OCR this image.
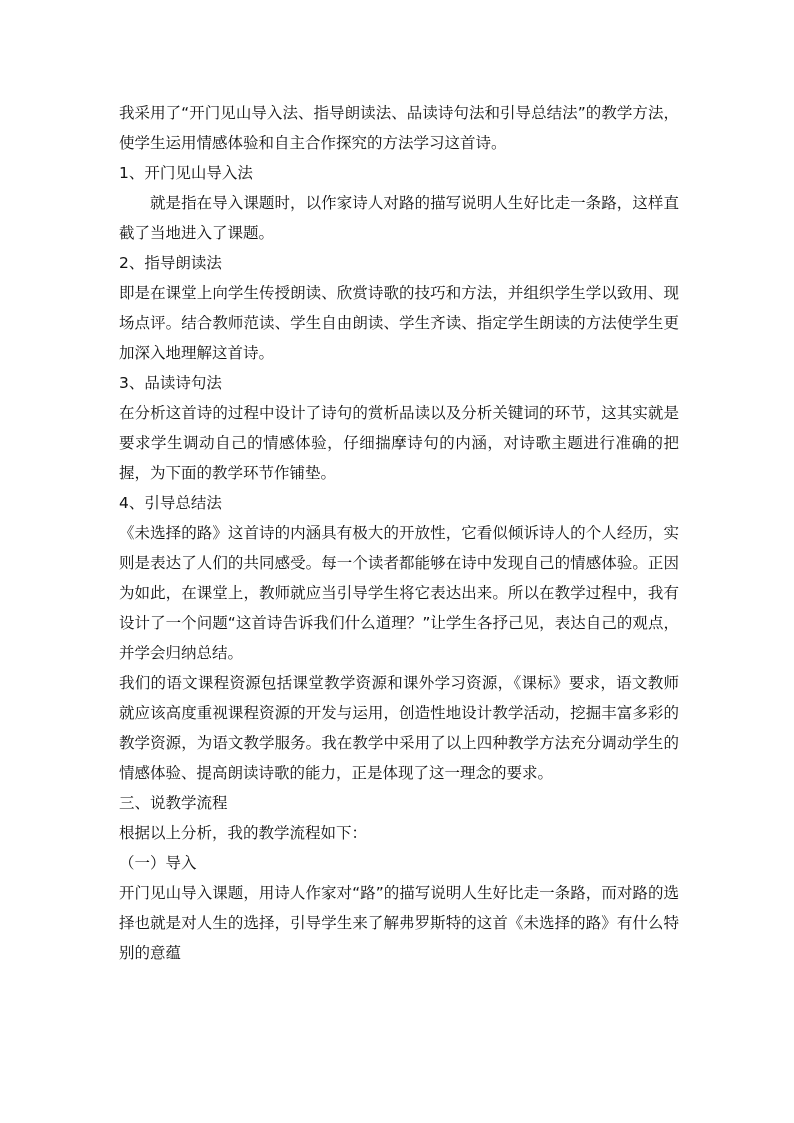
我采用了“开门见山导入法、指导朗读法、品读诗句法和引导总结法”的教学方法，使学生运用情感体验和自主合作探究的方法学习这首诗。

1、开门见山导入法

就是指在导入课题时，以作家诗人对路的描写说明人生好比走一条路，这样直截了当地进入了课题。

2、指导朗读法

即是在课堂上向学生传授朗读、欣赏诗歌的技巧和方法，并组织学生学以致用、现场点评。结合教师范读、学生自由朗读、学生齐读、指定学生朗读的方法使学生更加深入地理解这首诗。

3、品读诗句法

在分析这首诗的过程中设计了诗句的赏析品读以及分析关键词的环节，这其实就是要求学生调动自己的情感体验，仔细揣摩诗句的内涵，对诗歌主题进行准确的把握，为下面的教学环节作铺垫。

4、引导总结法

《未选择的路》这首诗的内涵具有极大的开放性，它看似倾诉诗人的个人经历，实则是表达了人们的共同感受。每一个读者都能够在诗中发现自己的情感体验。正因为如此，在课堂上，教师就应当引导学生将它表达出来。所以在教学过程中，我有设计了一个问题“这首诗告诉我们什么道理？”让学生各抒己见，表达自己的观点，并学会归纳总结。

我们的语文课程资源包括课堂教学资源和课外学习资源，《课标》要求，语文教师就应该高度重视课程资源的开发与运用，创造性地设计教学活动，挖掘丰富多彩的教学资源，为语文教学服务。我在教学中采用了以上四种教学方法充分调动学生的情感体验、提高朗读诗歌的能力，正是体现了这一理念的要求。

三、说教学流程

根据以上分析，我的教学流程如下：

（一）导入

开门见山导入课题，用诗人作家对“路”的描写说明人生好比走一条路，而对路的选择也就是对人生的选择，引导学生来了解弗罗斯特的这首《未选择的路》有什么特别的意蕴
